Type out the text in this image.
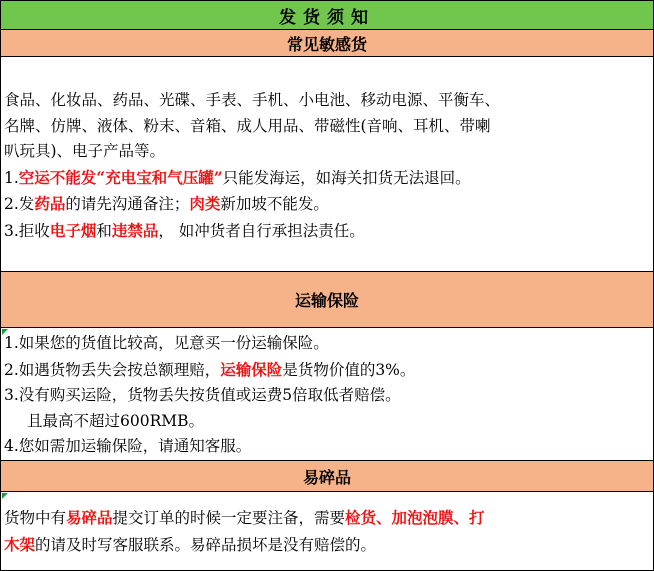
发货须知
常见敏感货
食品、化妆品、药品、光碟、手表、手机、小电池、移动电源、平衡车、
名牌、仿牌、液体、粉末、音箱、成人用品、带磁性(音响、耳机、带喇
叭玩具)、电子产品等。
1.空运不能发“充电宝和气压罐”只能发海运，如海关扣货无法退回。
2.发药品的请先沟通备注；肉类新加坡不能发。
3.拒收电子烟和违禁品， 如冲货者自行承担法责任。
运输保险
1.如果您的货值比较高，见意买一份运输保险。
2.如遇货物丢失会按总额理赔，运输保险是货物价值的3%。
3.没有购买运险，货物丢失按货值或运费5倍取低者赔偿。
且最高不超过600RMB。
4.您如需加运输保险，请通知客服。
易碎品
货物中有易碎品提交订单的时候一定要注备，需要检货、加泡泡膜、打
木架的请及时写客服联系。易碎品损坏是没有赔偿的。
